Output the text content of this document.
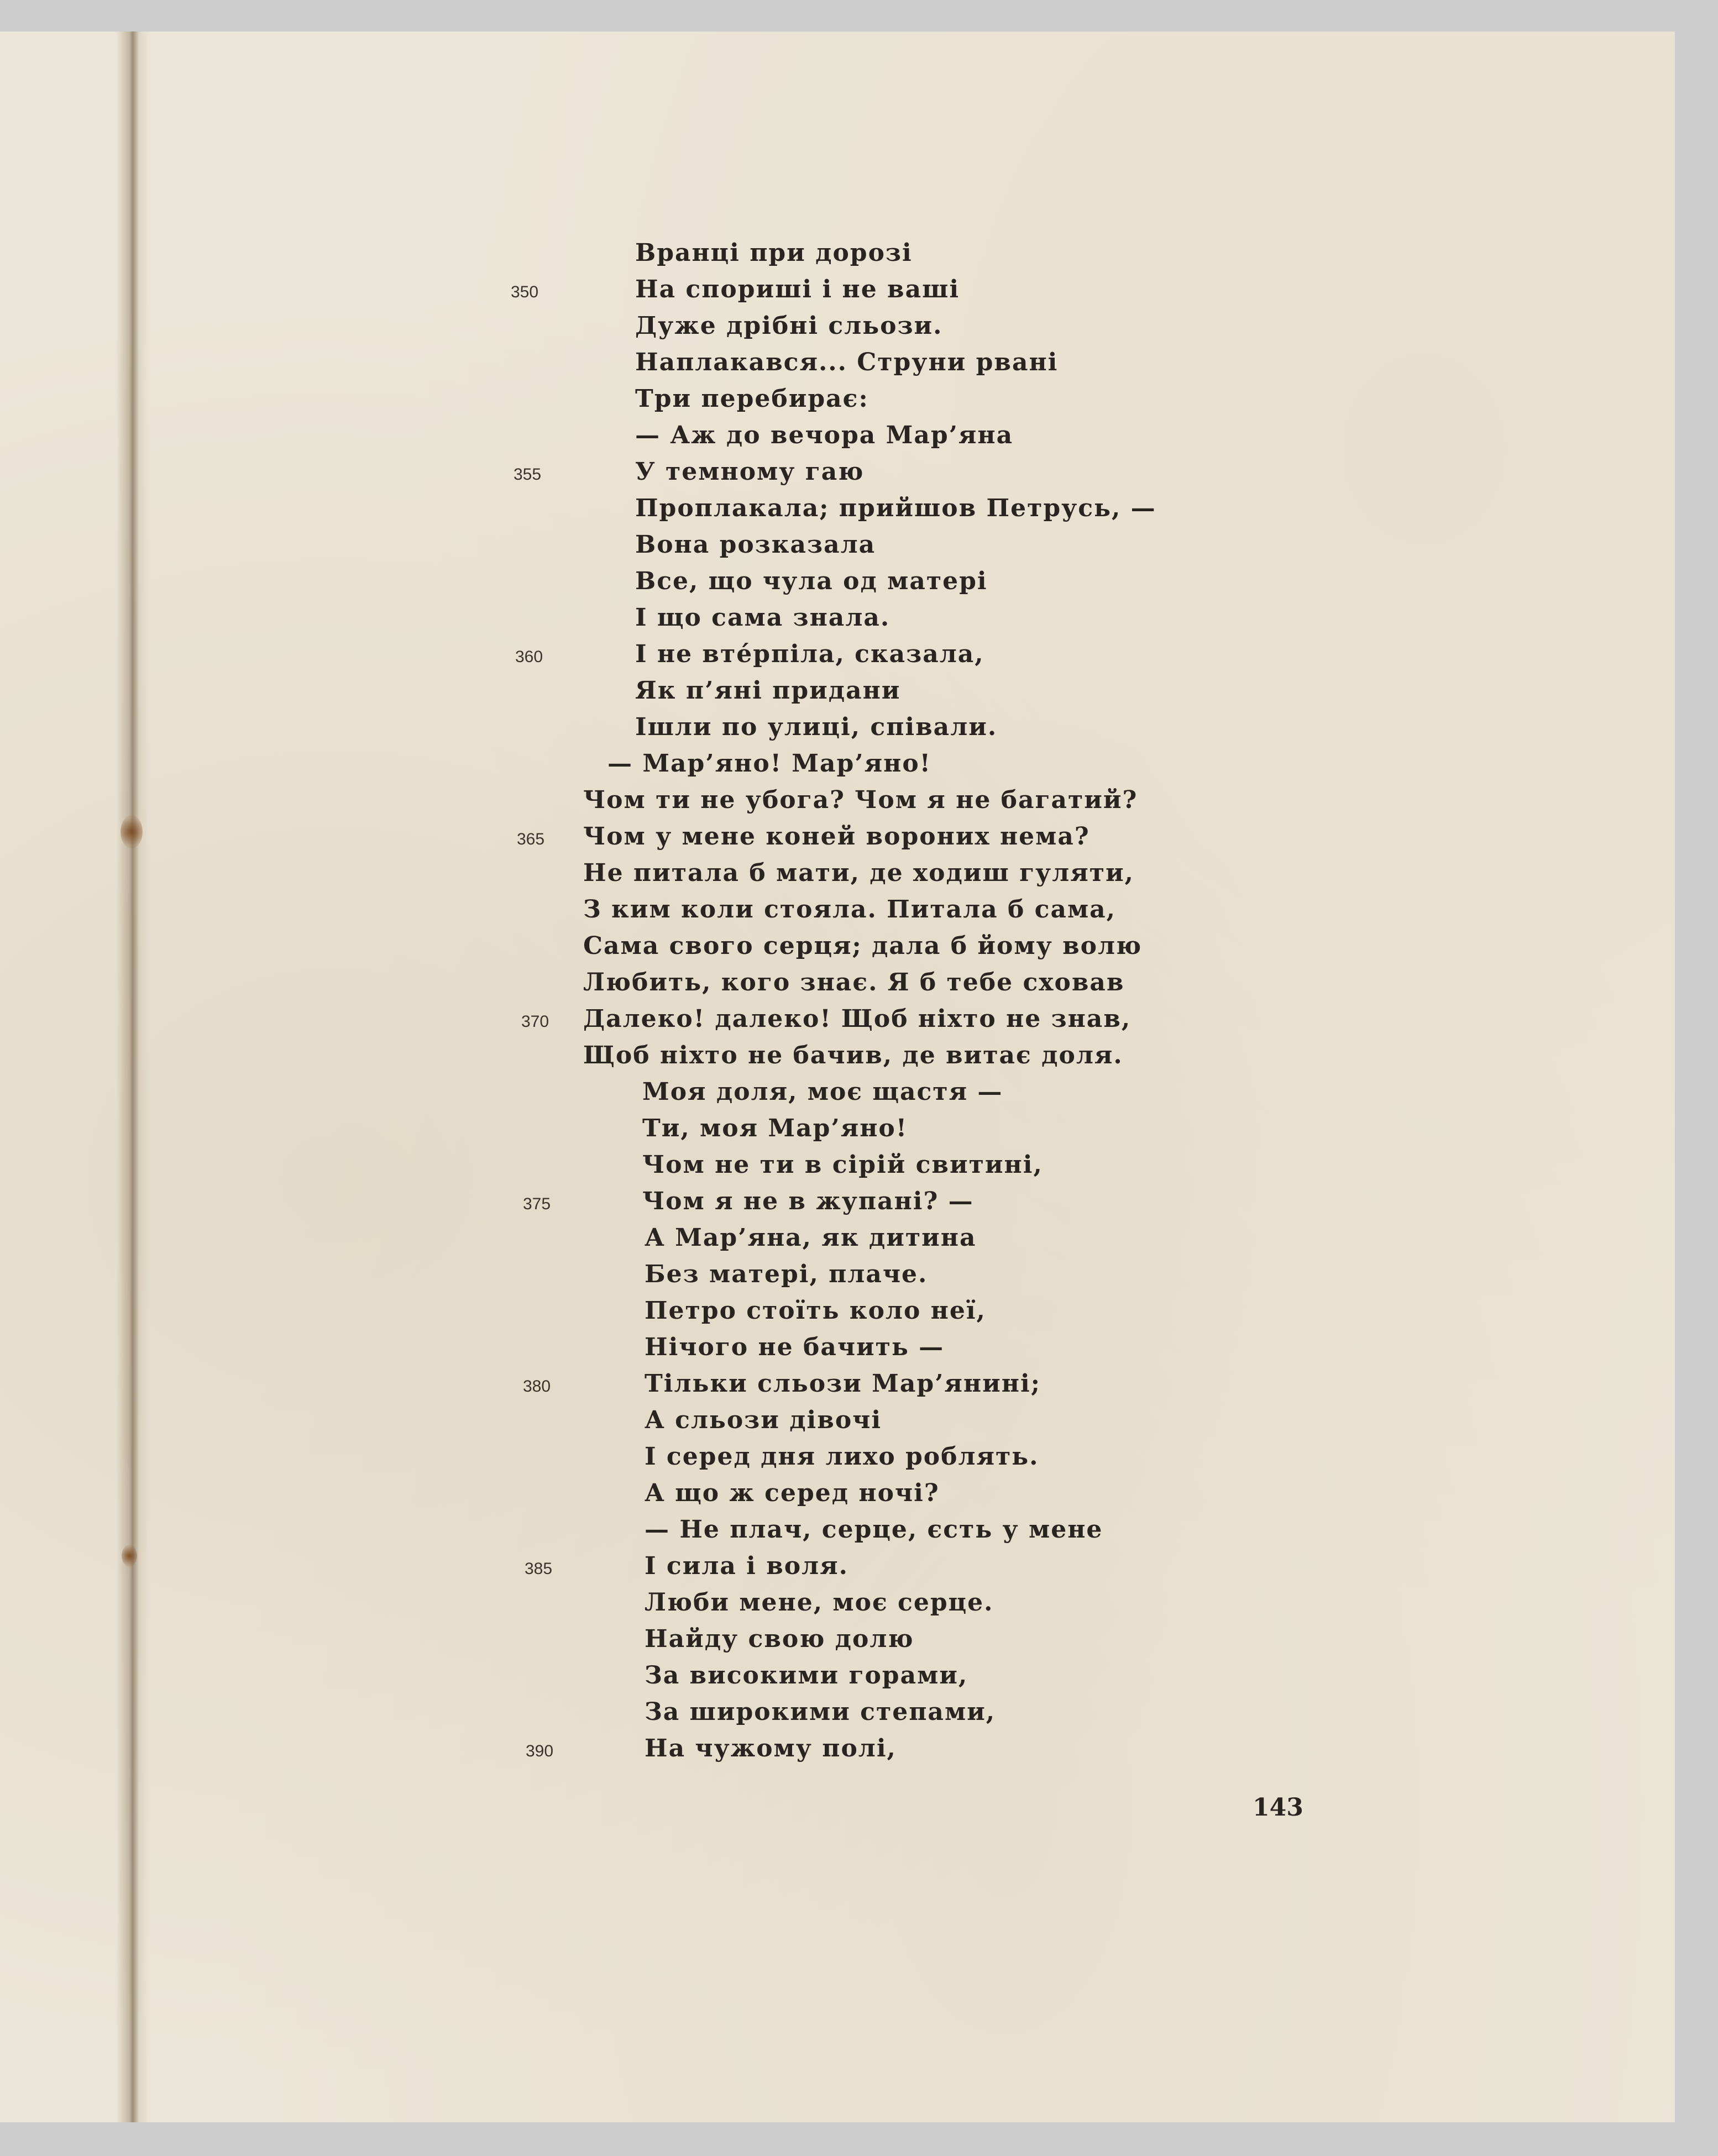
Вранці при дорозі
На спориші і не ваші
Дуже дрібні сльози.
Наплакався... Струни рвані
Три перебирає:
— Аж до вечора Мар’яна
У темному гаю
Проплакала; прийшов Петрусь, —
Вона розказала
Все, що чула од матері
І що сама знала.
І не вте́рпіла, сказала,
Як п’яні придани
Ішли по улиці, співали.
— Мар’яно! Мар’яно!
Чом ти не убога? Чом я не багатий?
Чом у мене коней вороних нема?
Не питала б мати, де ходиш гуляти,
З ким коли стояла. Питала б сама,
Сама свого серця; дала б йому волю
Любить, кого знає. Я б тебе сховав
Далеко! далеко! Щоб ніхто не знав,
Щоб ніхто не бачив, де витає доля.
Моя доля, моє щастя —
Ти, моя Мар’яно!
Чом не ти в сірій свитині,
Чом я не в жупані? —
А Мар’яна, як дитина
Без матері, плаче.
Петро стоїть коло неї,
Нічого не бачить —
Тільки сльози Мар’янині;
А сльози дівочі
І серед дня лихо роблять.
А що ж серед ночі?
— Не плач, серце, єсть у мене
І сила і воля.
Люби мене, моє серце.
Найду свою долю
За високими горами,
За широкими степами,
На чужому полі,
350
355
360
365
370
375
380
385
390
143
